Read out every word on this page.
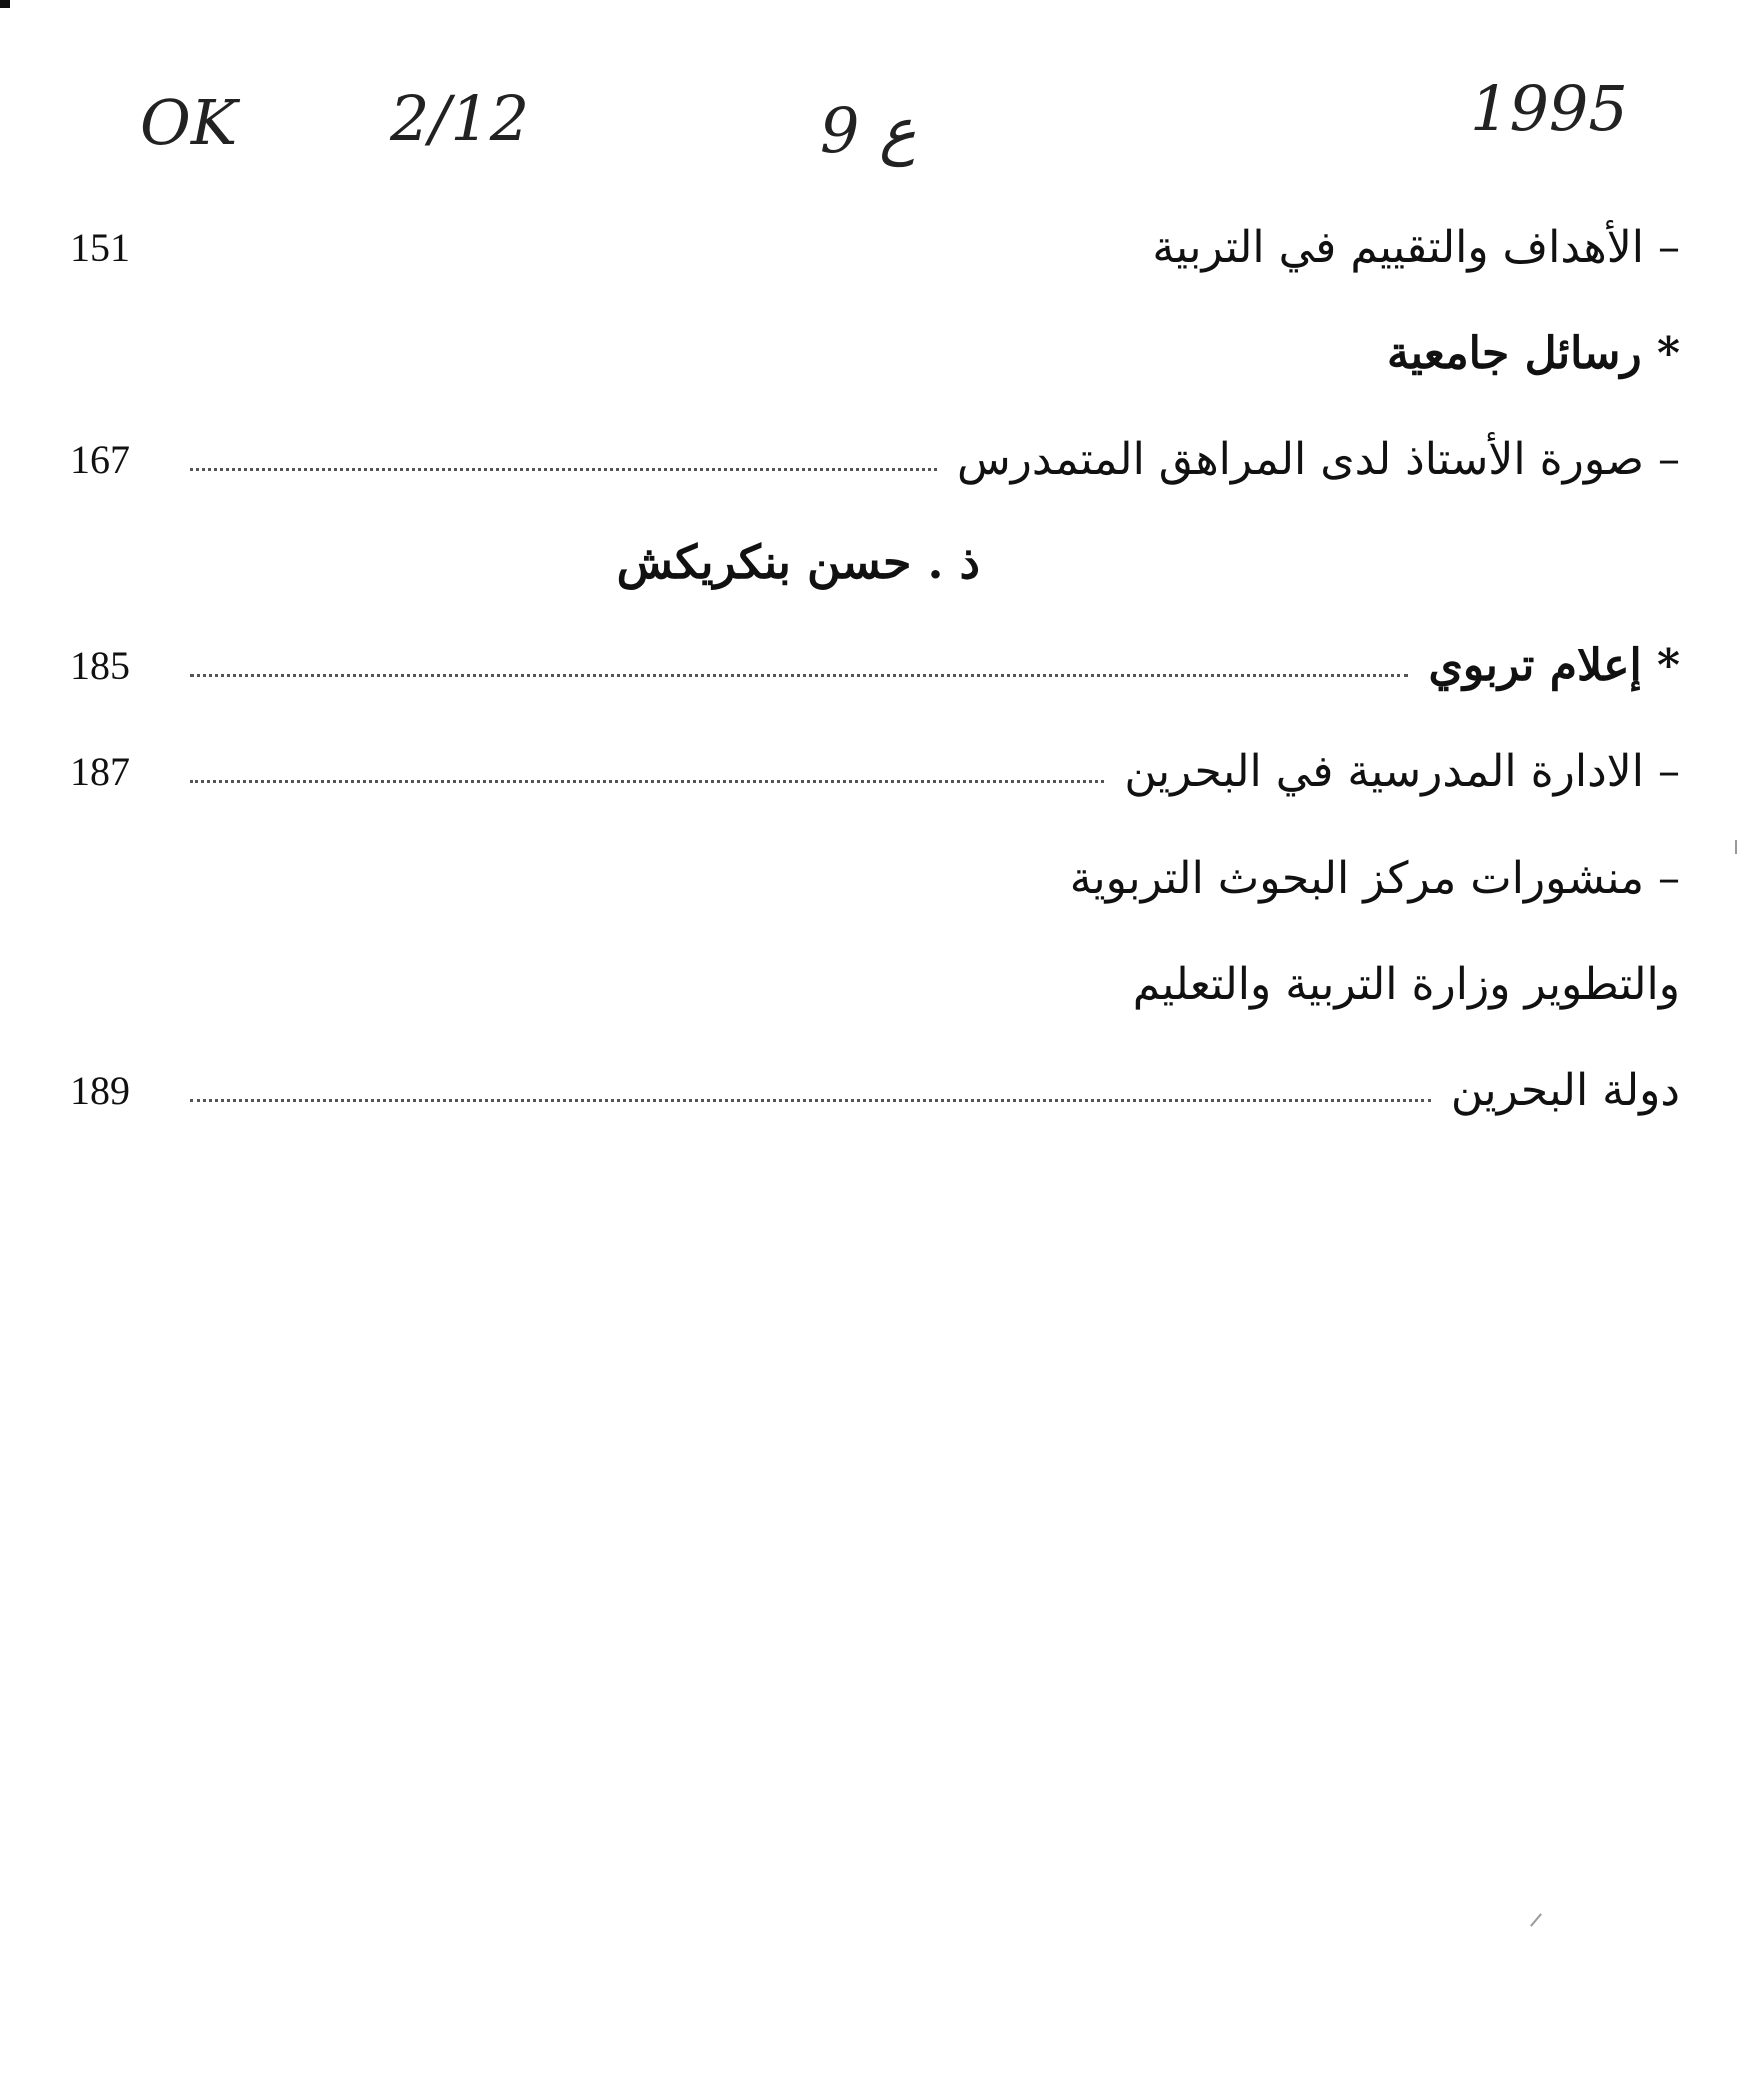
OK 2/12	ع 9	1995
151	– الأهداف والتقييم في التربية
* رسائل جامعية
167	– صورة الأستاذ لدى المراهق المتمدرس
ذ . حسن بنكريكش
185	* إعلام تربوي
187	– الادارة المدرسية في البحرين
– منشورات مركز البحوث التربوية
والتطوير وزارة التربية والتعليم
189	دولة البحرين
